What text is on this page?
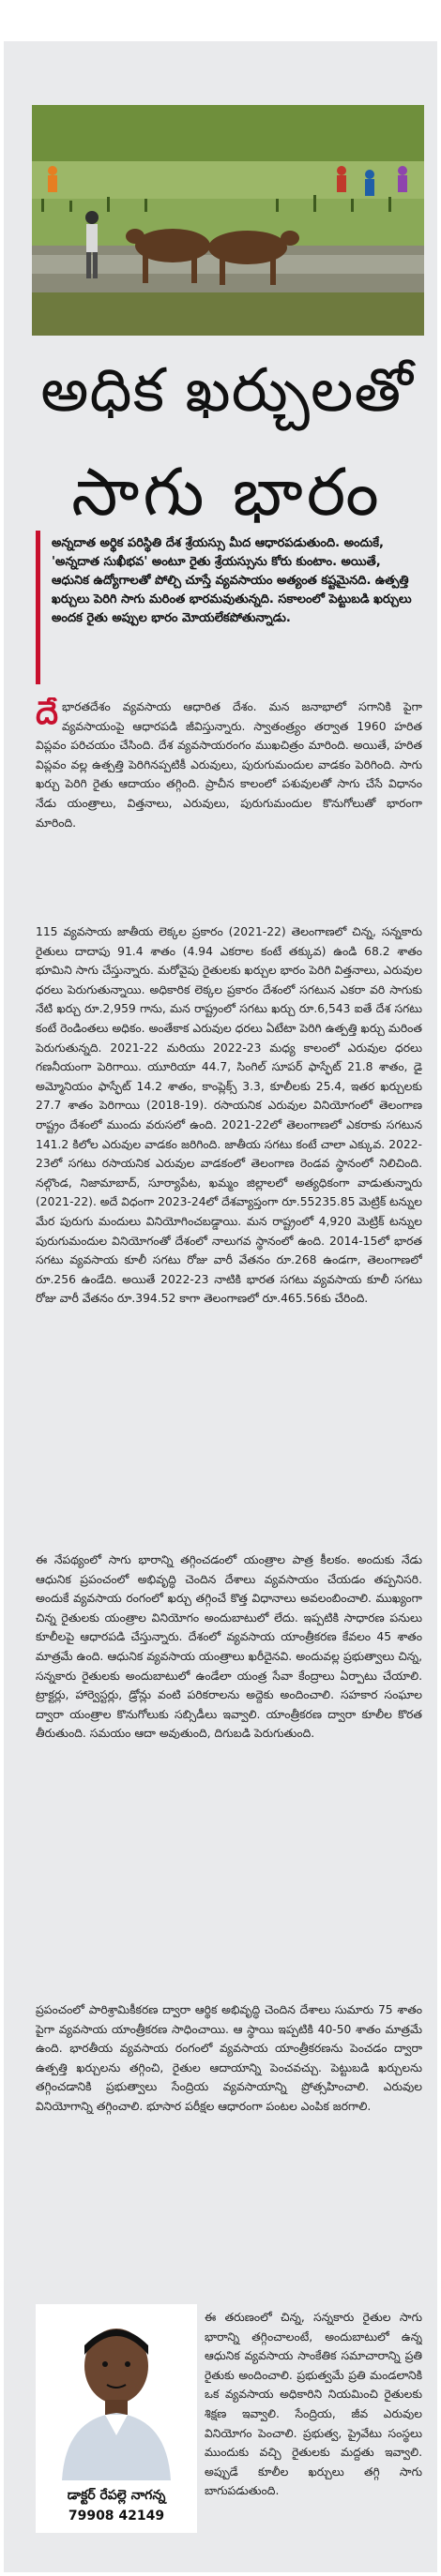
అధిక ఖర్చులతో
సాగు భారం
అన్నదాత అర్థిక పరిస్థితి దేశ శ్రేయస్సు మీద ఆధారపడుతుంది. అందుకే, 'అన్నదాత సుఖీభవ' అంటూ రైతు శ్రేయస్సును కోరు కుంటాం. అయితే, ఆధునిక ఉద్యోగాలతో పోల్చి చూస్తే వ్యవసాయం అత్యంత కష్టమైనది. ఉత్పత్తి ఖర్చులు పెరిగి సాగు మరింత భారమవుతున్నది. సకాలంలో పెట్టుబడి ఖర్చులు అందక రైతు అప్పుల భారం మోయలేకపోతున్నాడు.
దే భారతదేశం వ్యవసాయ ఆధారిత దేశం. మన జనాభాలో సగానికి పైగా వ్యవసాయంపై ఆధారపడి జీవిస్తున్నారు. స్వాతంత్ర్యం తర్వాత 1960 హరిత విప్లవం పరిచయం చేసింది. దేశ వ్యవసాయరంగం ముఖచిత్రం మారింది. అయితే, హరిత విప్లవం వల్ల ఉత్పత్తి పెరిగినప్పటికీ ఎరువులు, పురుగుమందుల వాడకం పెరిగింది. సాగు ఖర్చు పెరిగి రైతు ఆదాయం తగ్గింది. ప్రాచీన కాలంలో పశువులతో సాగు చేసే విధానం నేడు యంత్రాలు, విత్తనాలు, ఎరువులు, పురుగుమందుల కొనుగోలుతో భారంగా మారింది.
115 వ్యవసాయ జాతీయ లెక్కల ప్రకారం (2021-22) తెలంగాణలో చిన్న, సన్నకారు రైతులు దాదాపు 91.4 శాతం (4.94 ఎకరాల కంటే తక్కువ) ఉండి 68.2 శాతం భూమిని సాగు చేస్తున్నారు. మరోవైపు రైతులకు ఖర్చుల భారం పెరిగి విత్తనాలు, ఎరువుల ధరలు పెరుగుతున్నాయి. అధికారిక లెక్కల ప్రకారం దేశంలో సగటున ఎకరా వరి సాగుకు నేటి ఖర్చు రూ.2,959 గాను, మన రాష్ట్రంలో సగటు ఖర్చు రూ.6,543 ఐతే దేశ సగటు కంటే రెండింతలు అధికం. అంతేకాక ఎరువుల ధరలు ఏటేటా పెరిగి ఉత్పత్తి ఖర్చు మరింత పెరుగుతున్నది. 2021-22 మరియు 2022-23 మధ్య కాలంలో ఎరువుల ధరలు గణనీయంగా పెరిగాయి. యూరియా 44.7, సింగిల్ సూపర్ ఫాస్ఫేట్ 21.8 శాతం, డై అమ్మోనియం ఫాస్ఫేట్ 14.2 శాతం, కాంప్లెక్స్ 3.3, కూలీలకు 25.4, ఇతర ఖర్చులకు 27.7 శాతం పెరిగాయి (2018-19). రసాయనిక ఎరువుల వినియోగంలో తెలంగాణ రాష్ట్రం దేశంలో ముందు వరుసలో ఉంది. 2021-22లో తెలంగాణలో ఎకరాకు సగటున 141.2 కిలోల ఎరువుల వాడకం జరిగింది. జాతీయ సగటు కంటే చాలా ఎక్కువ. 2022-23లో సగటు రసాయనిక ఎరువుల వాడకంలో తెలంగాణ రెండవ స్థానంలో నిలిచింది. నల్గొండ, నిజామాబాద్, సూర్యాపేట, ఖమ్మం జిల్లాలలో అత్యధికంగా వాడుతున్నారు (2021-22). అదే విధంగా 2023-24లో దేశవ్యాప్తంగా రూ.55235.85 మెట్రిక్ టన్నుల మేర పురుగు మందులు వినియోగించబడ్డాయి. మన రాష్ట్రంలో 4,920 మెట్రిక్ టన్నుల పురుగుమందుల వినియోగంతో దేశంలో నాలుగవ స్థానంలో ఉంది. 2014-15లో భారత సగటు వ్యవసాయ కూలీ సగటు రోజు వారీ వేతనం రూ.268 ఉండగా, తెలంగాణలో రూ.256 ఉండేది. అయితే 2022-23 నాటికి భారత సగటు వ్యవసాయ కూలీ సగటు రోజు వారీ వేతనం రూ.394.52 కాగా తెలంగాణలో రూ.465.56కు చేరింది.
ఈ నేపథ్యంలో సాగు భారాన్ని తగ్గించడంలో యంత్రాల పాత్ర కీలకం. అందుకు నేడు ఆధునిక ప్రపంచంలో అభివృద్ధి చెందిన దేశాలు వ్యవసాయం చేయడం తప్పనిసరి. అందుకే వ్యవసాయ రంగంలో ఖర్చు తగ్గించే కొత్త విధానాలు అవలంబించాలి. ముఖ్యంగా చిన్న రైతులకు యంత్రాల వినియోగం అందుబాటులో లేదు. ఇప్పటికి సాధారణ పనులు కూలీలపై ఆధారపడి చేస్తున్నారు. దేశంలో వ్యవసాయ యాంత్రీకరణ కేవలం 45 శాతం మాత్రమే ఉంది. ఆధునిక వ్యవసాయ యంత్రాలు ఖరీదైనవి. అందువల్ల ప్రభుత్వాలు చిన్న, సన్నకారు రైతులకు అందుబాటులో ఉండేలా యంత్ర సేవా కేంద్రాలు ఏర్పాటు చేయాలి. ట్రాక్టర్లు, హార్వెస్టర్లు, డ్రోన్లు వంటి పరికరాలను అద్దెకు అందించాలి. సహకార సంఘాల ద్వారా యంత్రాల కొనుగోలుకు సబ్సిడీలు ఇవ్వాలి. యాంత్రీకరణ ద్వారా కూలీల కొరత తీరుతుంది. సమయం ఆదా అవుతుంది, దిగుబడి పెరుగుతుంది.
ప్రపంచంలో పారిశ్రామికీకరణ ద్వారా ఆర్థిక అభివృద్ధి చెందిన దేశాలు సుమారు 75 శాతం పైగా వ్యవసాయ యాంత్రీకరణ సాధించాయి. ఆ స్థాయి ఇప్పటికి 40-50 శాతం మాత్రమే ఉంది. భారతీయ వ్యవసాయ రంగంలో వ్యవసాయ యాంత్రీకరణను పెంచడం ద్వారా ఉత్పత్తి ఖర్చులను తగ్గించి, రైతుల ఆదాయాన్ని పెంచవచ్చు. పెట్టుబడి ఖర్చులను తగ్గించడానికి ప్రభుత్వాలు సేంద్రియ వ్యవసాయాన్ని ప్రోత్సహించాలి. ఎరువుల వినియోగాన్ని తగ్గించాలి. భూసార పరీక్షల ఆధారంగా పంటల ఎంపిక జరగాలి.
డాక్టర్ రేపల్లె నాగన్న
79908 42149
ఈ తరుణంలో చిన్న, సన్నకారు రైతుల సాగు భారాన్ని తగ్గించాలంటే, అందుబాటులో ఉన్న ఆధునిక వ్యవసాయ సాంకేతిక సమాచారాన్ని ప్రతి రైతుకు అందించాలి. ప్రభుత్వమే ప్రతి మండలానికి ఒక వ్యవసాయ అధికారిని నియమించి రైతులకు శిక్షణ ఇవ్వాలి. సేంద్రియ, జీవ ఎరువుల వినియోగం పెంచాలి. ప్రభుత్వ, ప్రైవేటు సంస్థలు ముందుకు వచ్చి రైతులకు మద్దతు ఇవ్వాలి. అప్పుడే కూలీల ఖర్చులు తగ్గి సాగు బాగుపడుతుంది.
